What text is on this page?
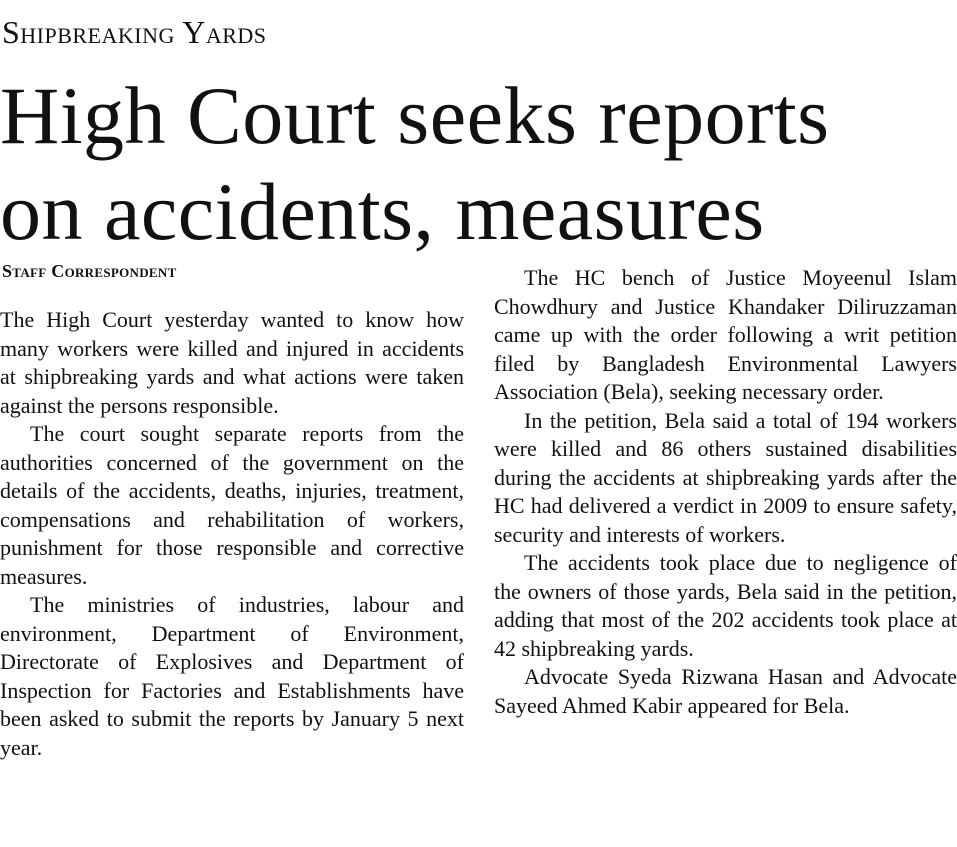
Shipbreaking Yards
High Court seeks reports
on accidents, measures
Staff Correspondent

The High Court yesterday wanted to know how many workers were killed and injured in accidents at shipbreaking yards and what actions were taken against the persons responsible.

The court sought separate reports from the authorities concerned of the government on the details of the accidents, deaths, injuries, treatment, compensations and rehabilitation of workers, punishment for those responsible and corrective measures.

The ministries of industries, labour and environment, Department of Environment, Directorate of Explosives and Department of Inspection for Factories and Establishments have been asked to submit the reports by January 5 next year.

The HC bench of Justice Moyeenul Islam Chowdhury and Justice Khandaker Diliruzzaman came up with the order following a writ petition filed by Bangladesh Environmental Lawyers Association (Bela), seeking necessary order.

In the petition, Bela said a total of 194 workers were killed and 86 others sustained disabilities during the accidents at shipbreaking yards after the HC had delivered a verdict in 2009 to ensure safety, security and interests of workers.

The accidents took place due to negligence of the owners of those yards, Bela said in the petition, adding that most of the 202 accidents took place at 42 shipbreaking yards.

Advocate Syeda Rizwana Hasan and Advocate Sayeed Ahmed Kabir appeared for Bela.
